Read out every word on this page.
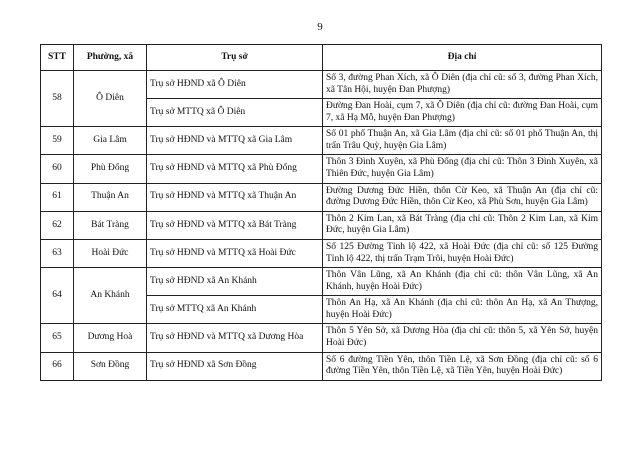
9
STT	Phường, xã	Trụ sở	Địa chỉ
58	Ô Diên	Trụ sở HĐND xã Ô Diên	Số 3, đường Phan Xích, xã Ô Diên (địa chỉ cũ: số 3, đường Phan Xích, xã Tân Hội, huyện Đan Phượng)
		Trụ sở MTTQ xã Ô Diên	Đường Đan Hoài, cụm 7, xã Ô Diên (địa chỉ cũ: đường Đan Hoài, cụm 7, xã Hạ Mỗ, huyện Đan Phượng)
59	Gia Lâm	Trụ sở HĐND và MTTQ xã Gia Lâm	Số 01 phố Thuận An, xã Gia Lâm (địa chỉ cũ: số 01 phố Thuận An, thị trấn Trâu Quỳ, huyện Gia Lâm)
60	Phù Đổng	Trụ sở HĐND và MTTQ xã Phù Đổng	Thôn 3 Đình Xuyên, xã Phù Đổng (địa chỉ cũ: Thôn 3 Đình Xuyên, xã Thiên Đức, huyện Gia Lâm)
61	Thuận An	Trụ sở HĐND và MTTQ xã Thuận An	Đường Dương Đức Hiền, thôn Cừ Keo, xã Thuận An (địa chỉ cũ: đường Dương Đức Hiền, thôn Cừ Keo, xã Phù Sơn, huyện Gia Lâm)
62	Bát Tràng	Trụ sở HĐND và MTTQ xã Bát Tràng	Thôn 2 Kim Lan, xã Bát Tràng (địa chỉ cũ: Thôn 2 Kim Lan, xã Kim Đức, huyện Gia Lâm)
63	Hoài Đức	Trụ sở HĐND và MTTQ xã Hoài Đức	Số 125 Đường Tỉnh lộ 422, xã Hoài Đức (địa chỉ cũ: số 125 Đường Tỉnh lộ 422, thị trấn Trạm Trôi, huyện Hoài Đức)
64	An Khánh	Trụ sở HĐND xã An Khánh	Thôn Vân Lũng, xã An Khánh (địa chỉ cũ: thôn Vân Lũng, xã An Khánh, huyện Hoài Đức)
		Trụ sở MTTQ xã An Khánh	Thôn An Hạ, xã An Khánh (địa chỉ cũ: thôn An Hạ, xã An Thượng, huyện Hoài Đức)
65	Dương Hoà	Trụ sở HĐND và MTTQ xã Dương Hòa	Thôn 5 Yên Sở, xã Dương Hòa (địa chỉ cũ: thôn 5, xã Yên Sở, huyện Hoài Đức)
66	Sơn Đồng	Trụ sở HĐND xã Sơn Đồng	Số 6 đường Tiền Yên, thôn Tiền Lệ, xã Sơn Đồng (địa chỉ cũ: số 6 đường Tiền Yên, thôn Tiền Lệ, xã Tiền Yên, huyện Hoài Đức)
